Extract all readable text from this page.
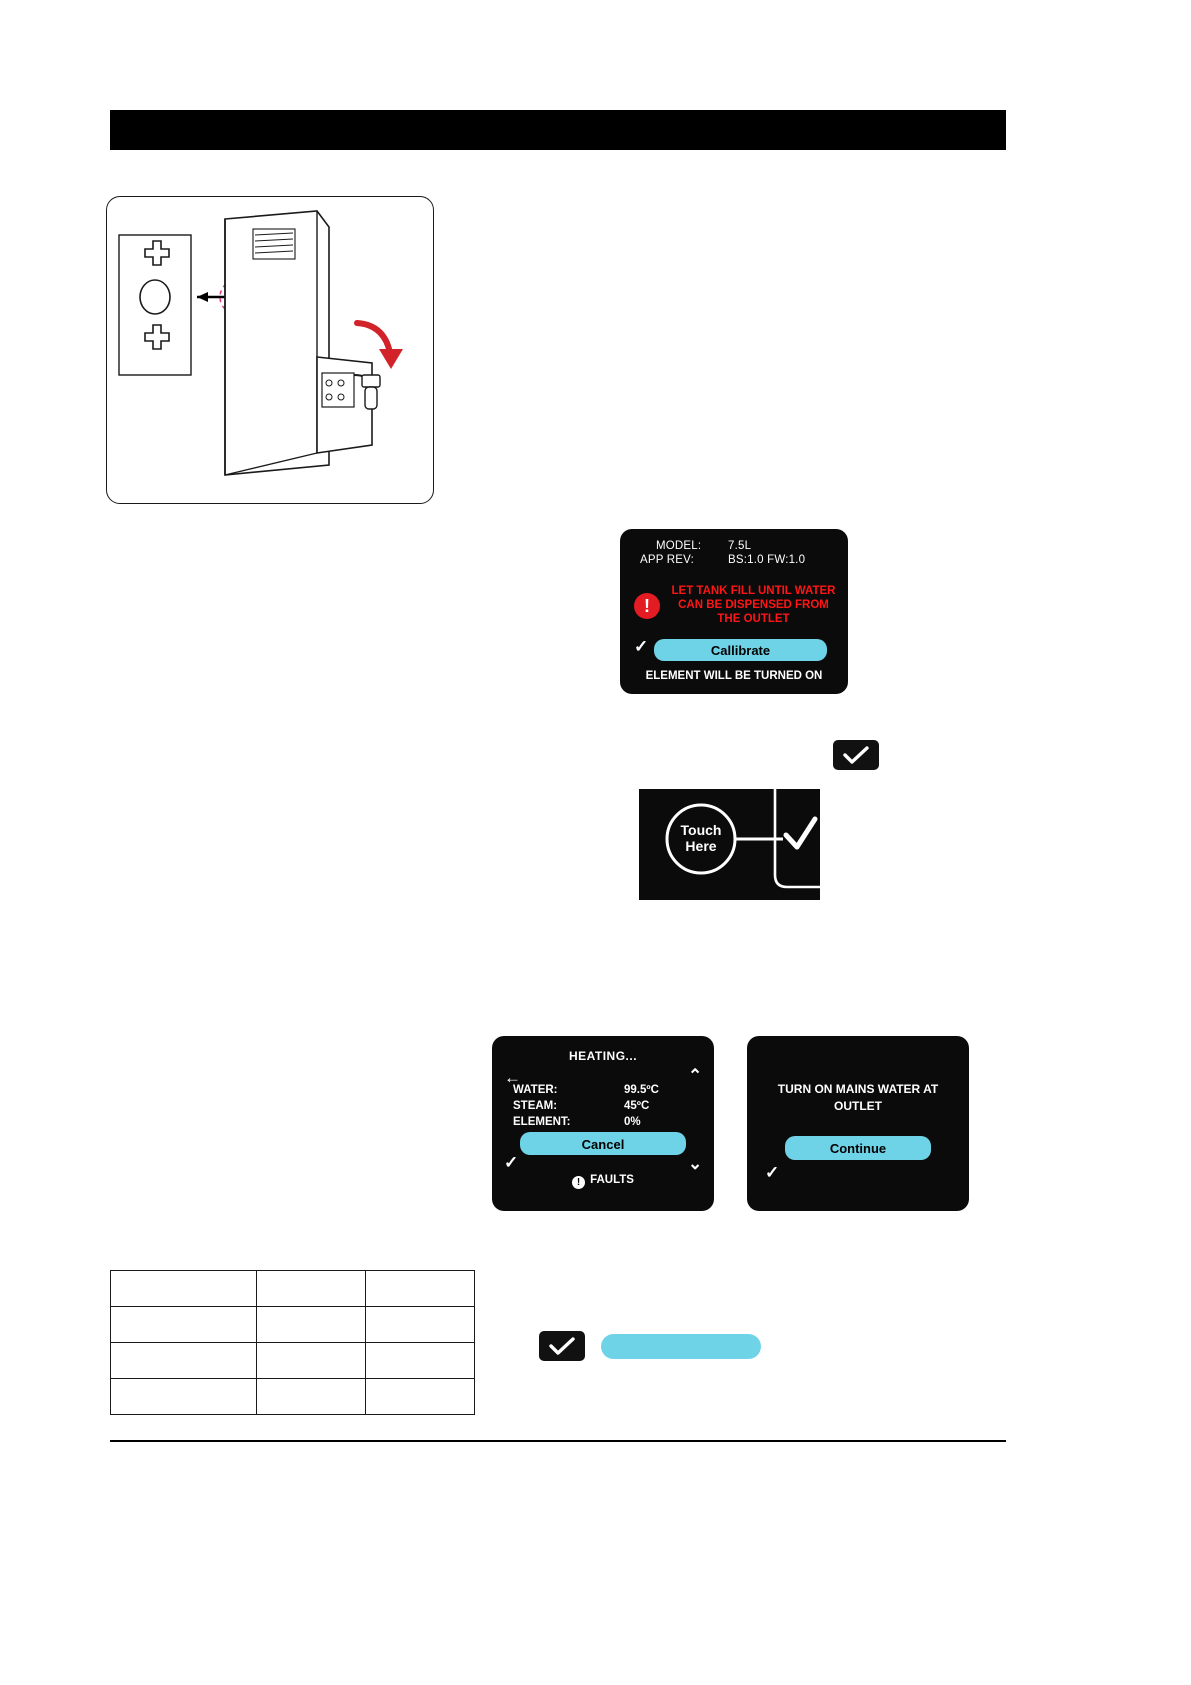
MODEL: 7.5L
APP REV:	BS:1.0 FW:1.0
!
LET TANK FILL UNTIL WATER CAN BE DISPENSED FROM THE OUTLET
✓	Callibrate
ELEMENT WILL BE TURNED ON
Touch
Here
HEATING...
←	⌃
⌄
WATER:	99.5ºC
STEAM:	45ºC
ELEMENT:	0%
Cancel
✓
! FAULTS
TURN ON MAINS WATER AT OUTLET
Continue
✓
